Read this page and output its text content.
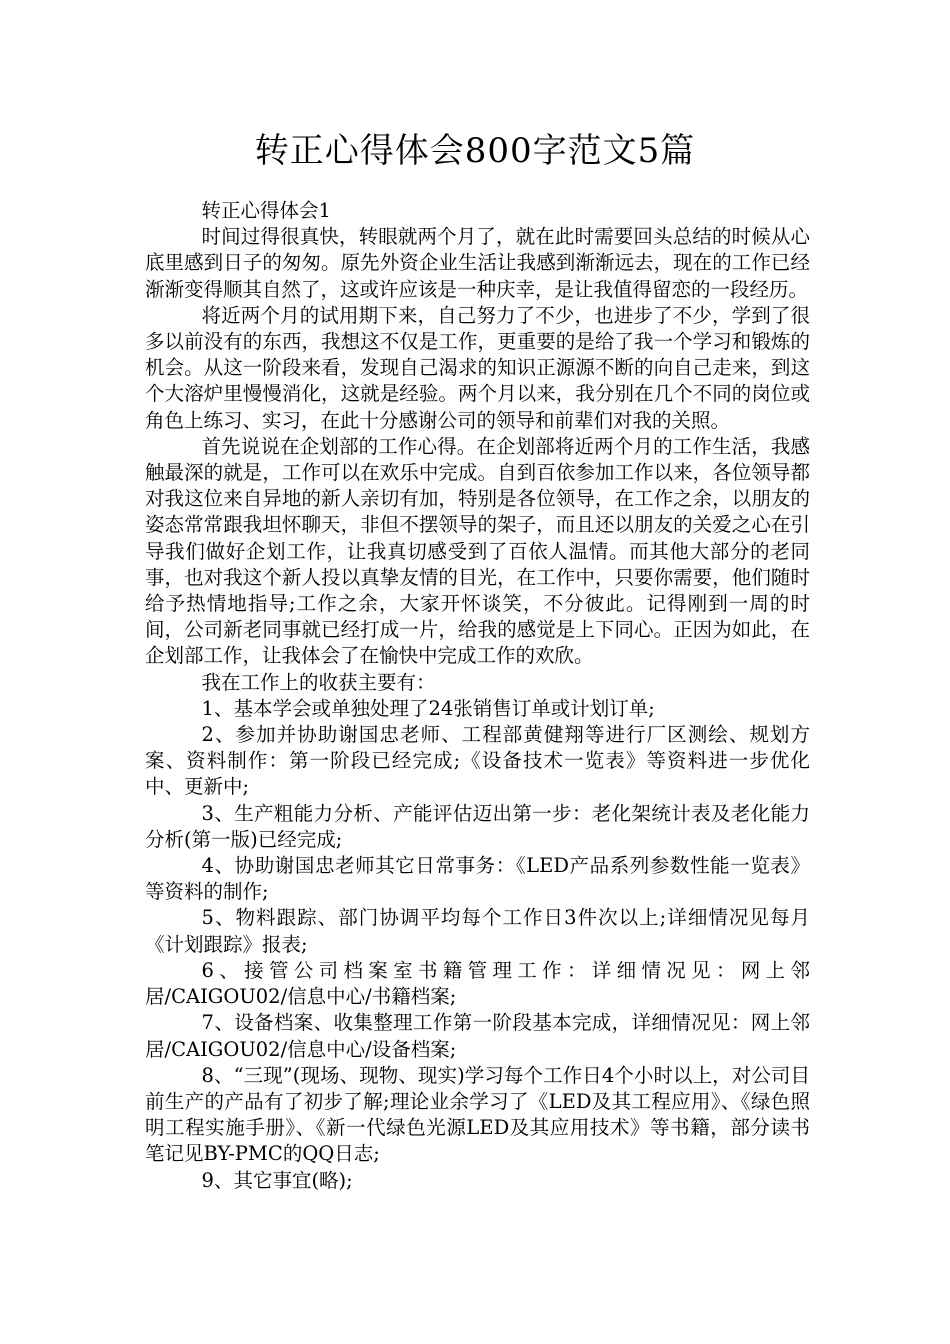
转正心得体会800字范文5篇

转正心得体会1

时间过得很真快，转眼就两个月了，就在此时需要回头总结的时候从心底里感到日子的匆匆。原先外资企业生活让我感到渐渐远去，现在的工作已经渐渐变得顺其自然了，这或许应该是一种庆幸，是让我值得留恋的一段经历。

将近两个月的试用期下来，自己努力了不少，也进步了不少，学到了很多以前没有的东西，我想这不仅是工作，更重要的是给了我一个学习和锻炼的机会。从这一阶段来看，发现自己渴求的知识正源源不断的向自己走来，到这个大溶炉里慢慢消化，这就是经验。两个月以来，我分别在几个不同的岗位或角色上练习、实习，在此十分感谢公司的领导和前辈们对我的关照。

首先说说在企划部的工作心得。在企划部将近两个月的工作生活，我感触最深的就是，工作可以在欢乐中完成。自到百依参加工作以来，各位领导都对我这位来自异地的新人亲切有加，特别是各位领导，在工作之余，以朋友的姿态常常跟我坦怀聊天，非但不摆领导的架子，而且还以朋友的关爱之心在引导我们做好企划工作，让我真切感受到了百依人温情。而其他大部分的老同事，也对我这个新人投以真挚友情的目光，在工作中，只要你需要，他们随时给予热情地指导;工作之余，大家开怀谈笑，不分彼此。记得刚到一周的时间，公司新老同事就已经打成一片，给我的感觉是上下同心。正因为如此，在企划部工作，让我体会了在愉快中完成工作的欢欣。

我在工作上的收获主要有：

1、基本学会或单独处理了24张销售订单或计划订单;

2、参加并协助谢国忠老师、工程部黄健翔等进行厂区测绘、规划方案、资料制作：第一阶段已经完成;《设备技术一览表》等资料进一步优化中、更新中;

3、生产粗能力分析、产能评估迈出第一步：老化架统计表及老化能力分析(第一版)已经完成;

4、协助谢国忠老师其它日常事务：《LED产品系列参数性能一览表》等资料的制作;

5、物料跟踪、部门协调平均每个工作日3件次以上;详细情况见每月《计划跟踪》报表;

6、接管公司档案室书籍管理工作：详细情况见：网上邻居/CAIGOU02/信息中心/书籍档案;

7、设备档案、收集整理工作第一阶段基本完成，详细情况见：网上邻居/CAIGOU02/信息中心/设备档案;

8、“三现”(现场、现物、现实)学习每个工作日4个小时以上，对公司目前生产的产品有了初步了解;理论业余学习了《LED及其工程应用》、《绿色照明工程实施手册》、《新一代绿色光源LED及其应用技术》等书籍，部分读书笔记见BY-PMC的QQ日志;

9、其它事宜(略);
